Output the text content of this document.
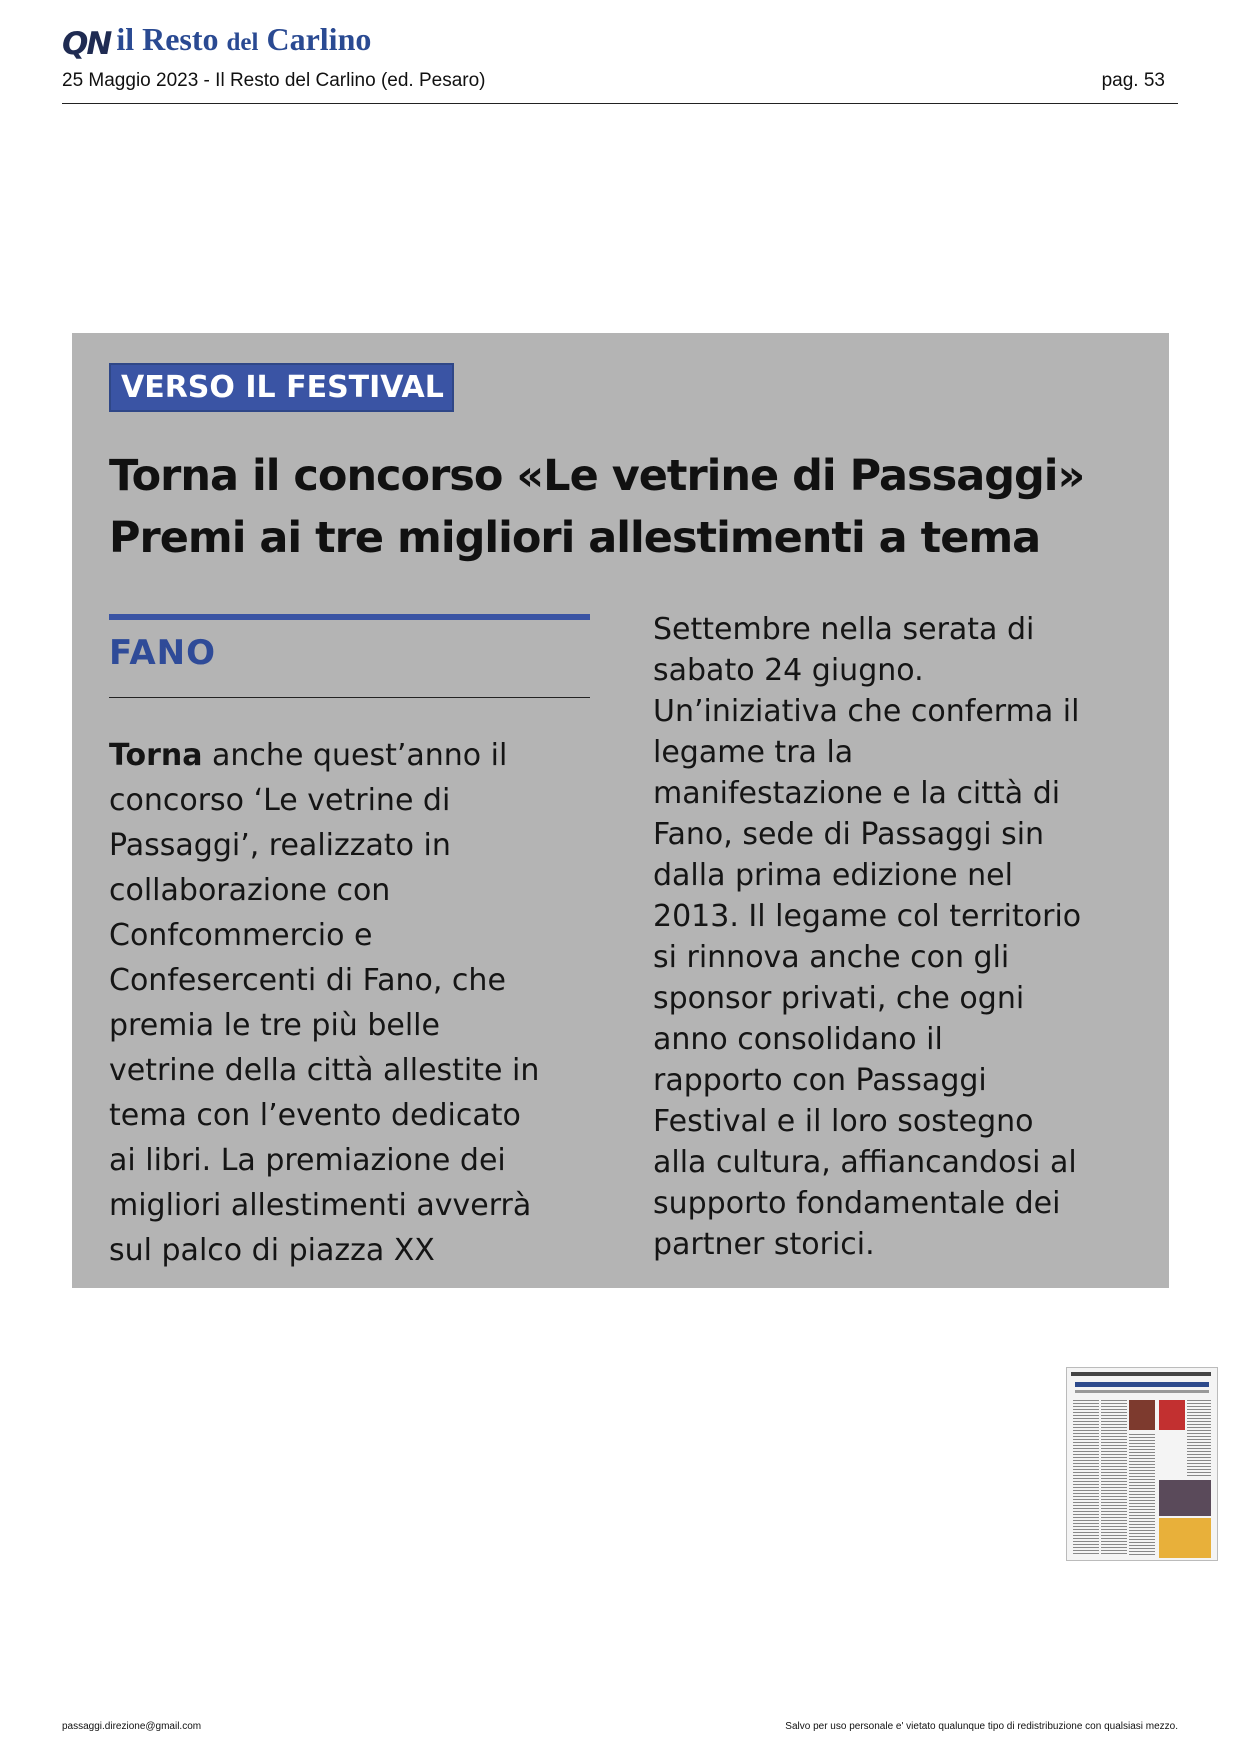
QN il Resto del Carlino
25 Maggio 2023 - Il Resto del Carlino (ed. Pesaro)	pag. 53
VERSO IL FESTIVAL
Torna il concorso «Le vetrine di Passaggi»
Premi ai tre migliori allestimenti a tema
FANO
Torna anche quest’anno il
concorso ‘Le vetrine di
Passaggi’, realizzato in
collaborazione con
Confcommercio e
Confesercenti di Fano, che
premia le tre più belle
vetrine della città allestite in
tema con l’evento dedicato
ai libri. La premiazione dei
migliori allestimenti avverrà
sul palco di piazza XX
Settembre nella serata di
sabato 24 giugno.
Un’iniziativa che conferma il
legame tra la
manifestazione e la città di
Fano, sede di Passaggi sin
dalla prima edizione nel
2013. Il legame col territorio
si rinnova anche con gli
sponsor privati, che ogni
anno consolidano il
rapporto con Passaggi
Festival e il loro sostegno
alla cultura, affiancandosi al
supporto fondamentale dei
partner storici.
passaggi.direzione@gmail.com	Salvo per uso personale e' vietato qualunque tipo di redistribuzione con qualsiasi mezzo.
